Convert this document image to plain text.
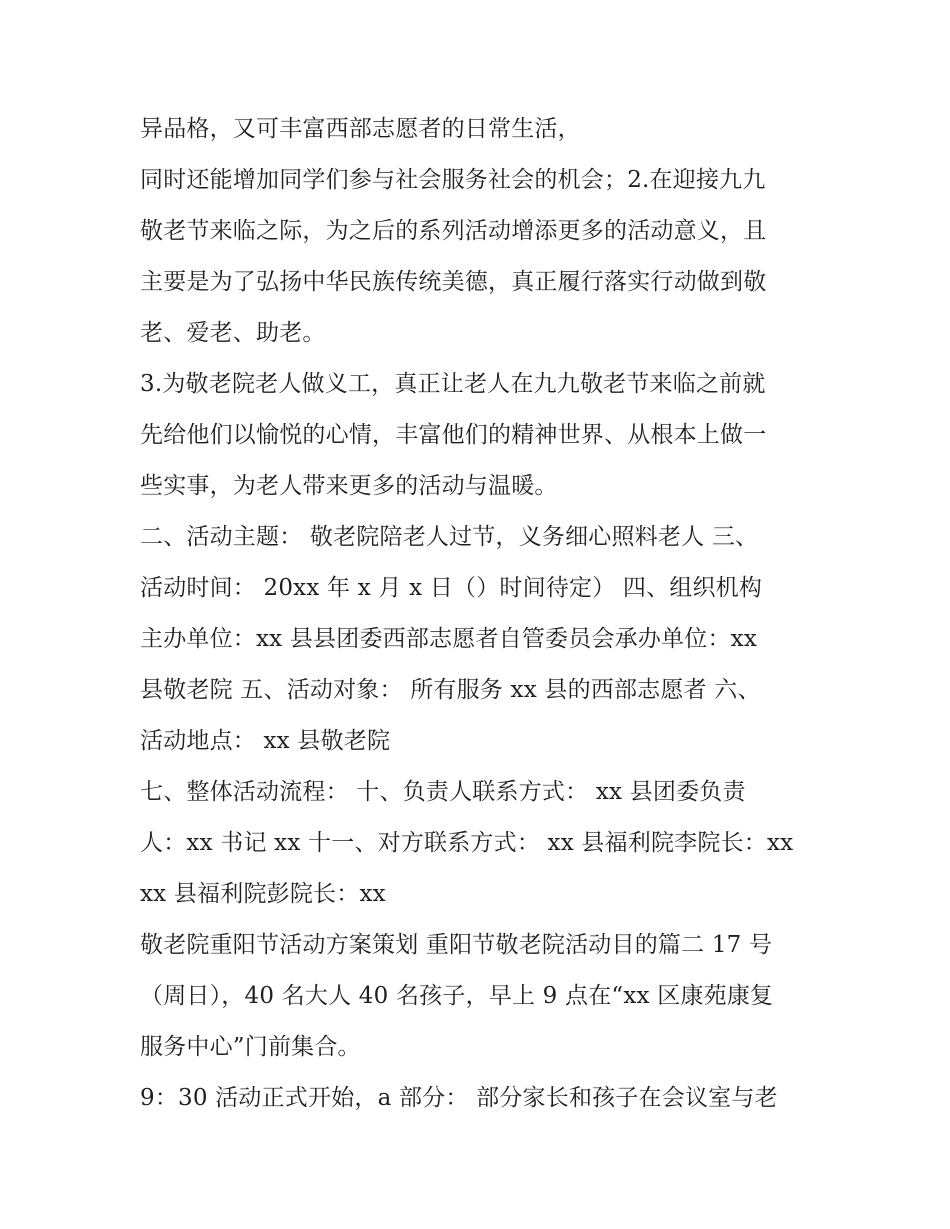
异品格，又可丰富西部志愿者的日常生活，
同时还能增加同学们参与社会服务社会的机会；2.在迎接九九
敬老节来临之际，为之后的系列活动增添更多的活动意义，且
主要是为了弘扬中华民族传统美德，真正履行落实行动做到敬
老、爱老、助老。
3.为敬老院老人做义工，真正让老人在九九敬老节来临之前就
先给他们以愉悦的心情，丰富他们的精神世界、从根本上做一
些实事，为老人带来更多的活动与温暖。
二、活动主题： 敬老院陪老人过节，义务细心照料老人 三、
活动时间： 20xx 年 x 月 x 日（）时间待定） 四、组织机构
主办单位：xx 县县团委西部志愿者自管委员会承办单位：xx
县敬老院 五、活动对象： 所有服务 xx 县的西部志愿者 六、
活动地点： xx 县敬老院
七、整体活动流程： 十、负责人联系方式： xx 县团委负责
人：xx 书记 xx 十一、对方联系方式： xx 县福利院李院长：xx
xx 县福利院彭院长：xx
敬老院重阳节活动方案策划 重阳节敬老院活动目的篇二 17 号
（周日），40 名大人 40 名孩子，早上 9 点在“xx 区康苑康复
服务中心”门前集合。
9：30 活动正式开始，a 部分： 部分家长和孩子在会议室与老
